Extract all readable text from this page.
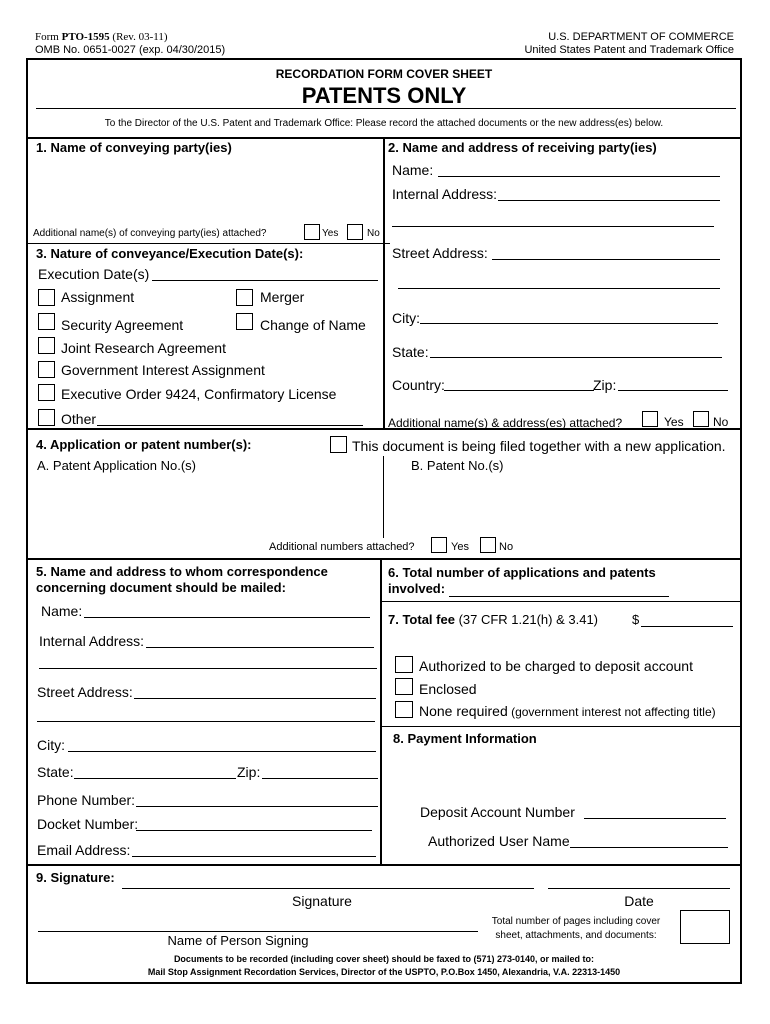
Form PTO-1595 (Rev. 03-11)
OMB No. 0651-0027 (exp. 04/30/2015)
U.S. DEPARTMENT OF COMMERCE
United States Patent and Trademark Office
RECORDATION FORM COVER SHEET
PATENTS ONLY
To the Director of the U.S. Patent and Trademark Office: Please record the attached documents or the new address(es) below.
1. Name of conveying party(ies)
Additional name(s) of conveying party(ies) attached?	Yes	No
2. Name and address of receiving party(ies)
Name:
Internal Address:
Street Address:
City:
State:
Country:	Zip:
Additional name(s) & address(es) attached?	Yes No
3. Nature of conveyance/Execution Date(s):
Execution Date(s)
Assignment	Merger
Security Agreement	Change of Name
Joint Research Agreement
Government Interest Assignment
Executive Order 9424, Confirmatory License
Other
4. Application or patent number(s):	This document is being filed together with a new application.
A. Patent Application No.(s)	B. Patent No.(s)
Additional numbers attached?	Yes	No
5. Name and address to whom correspondence
concerning document should be mailed:
Name:
Internal Address:
Street Address:
City:
State:	Zip:
Phone Number:
Docket Number:
Email Address:
6. Total number of applications and patents
involved:
7. Total fee (37 CFR 1.21(h) & 3.41)	$
Authorized to be charged to deposit account
Enclosed
None required (government interest not affecting title)
8. Payment Information
Deposit Account Number
Authorized User Name
9. Signature:
Signature	Date
Name of Person Signing
Total number of pages including cover
sheet, attachments, and documents:
Documents to be recorded (including cover sheet) should be faxed to (571) 273-0140, or mailed to:
Mail Stop Assignment Recordation Services, Director of the USPTO, P.O.Box 1450, Alexandria, V.A. 22313-1450
